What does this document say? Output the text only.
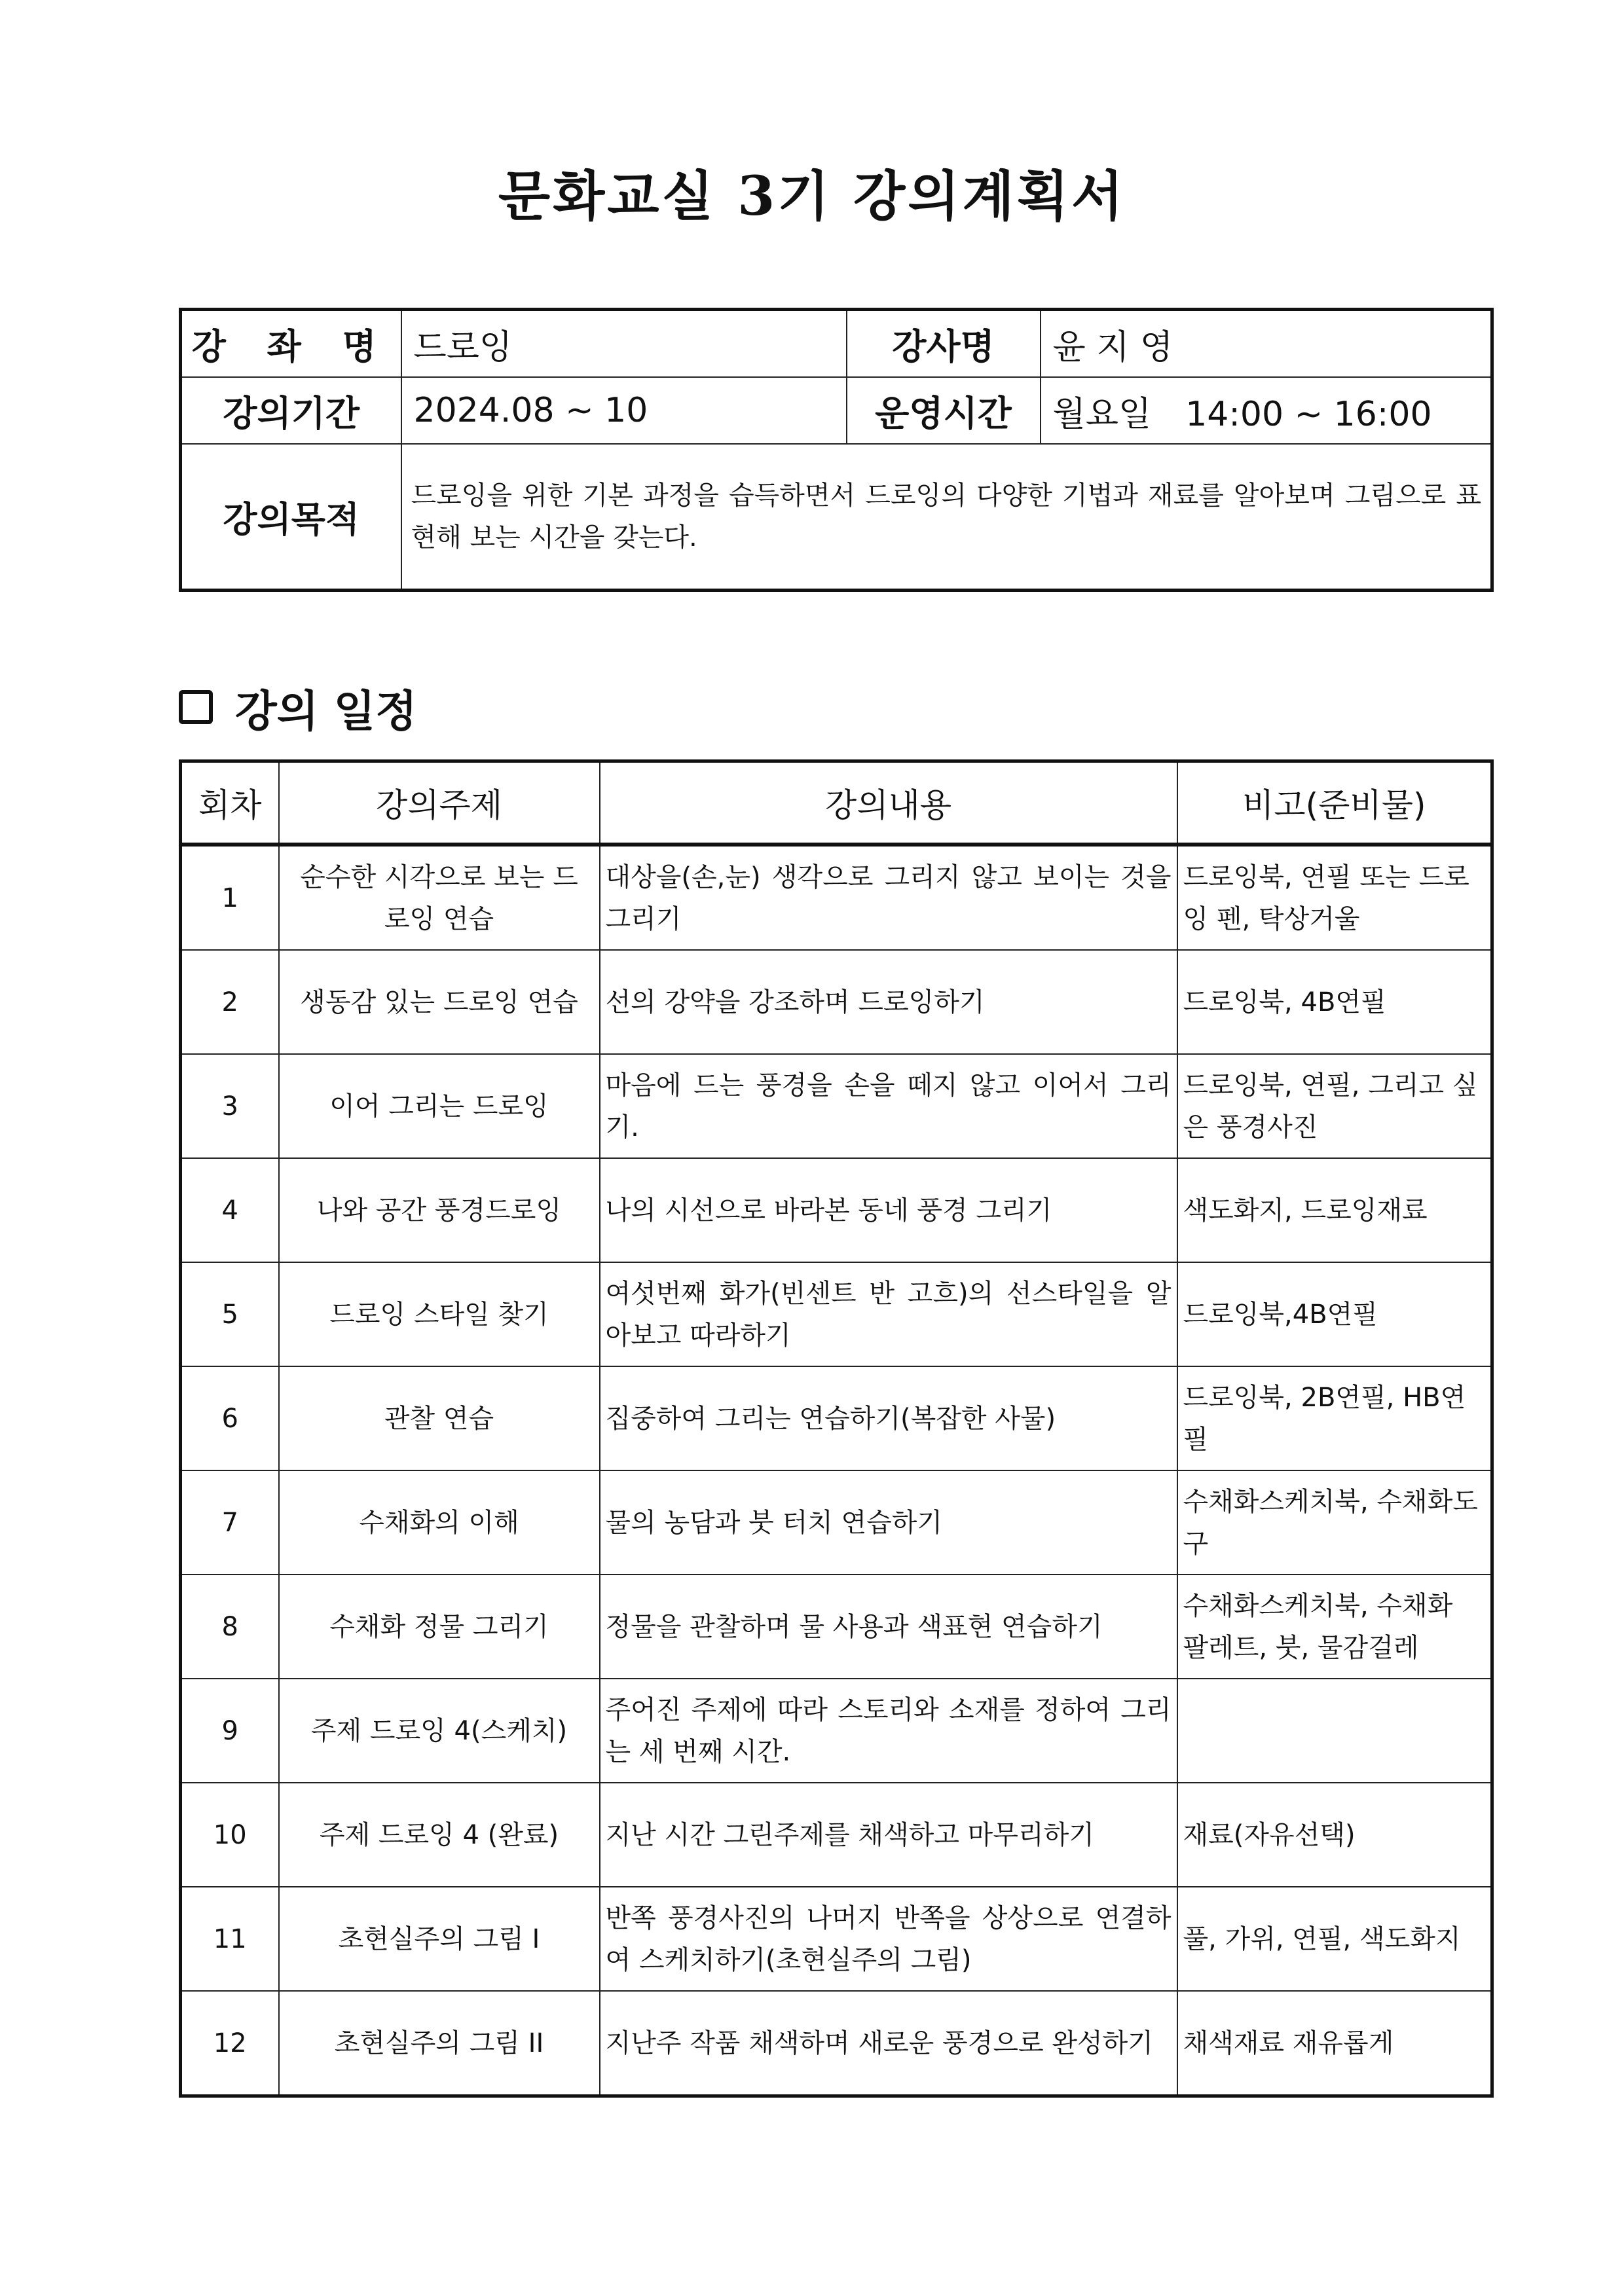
문화교실 3기 강의계획서
강 좌 명	드로잉	강사명	윤 지 영
강의기간	2024.08 ~ 10	운영시간	월요일　14:00 ~ 16:00
강의목적	드로잉을 위한 기본 과정을 습득하면서 드로잉의 다양한 기법과 재료를 알아보며 그림으로 표현해 보는 시간을 갖는다.		
강의 일정
회차	강의주제	강의내용	비고(준비물)
1	순수한 시각으로 보는 드로잉 연습	대상을(손,눈) 생각으로 그리지 않고 보이는 것을 그리기	드로잉북, 연필 또는 드로잉 펜, 탁상거울
2	생동감 있는 드로잉 연습	선의 강약을 강조하며 드로잉하기	드로잉북, 4B연필
3	이어 그리는 드로잉	마음에 드는 풍경을 손을 떼지 않고 이어서 그리기.	드로잉북, 연필, 그리고 싶은 풍경사진
4	나와 공간 풍경드로잉	나의 시선으로 바라본 동네 풍경 그리기	색도화지, 드로잉재료
5	드로잉 스타일 찾기	여섯번째 화가(빈센트 반 고흐)의 선스타일을 알아보고 따라하기	드로잉북,4B연필
6	관찰 연습	집중하여 그리는 연습하기(복잡한 사물)	드로잉북, 2B연필, HB연필
7	수채화의 이해	물의 농담과 붓 터치 연습하기	수채화스케치북, 수채화도구
8	수채화 정물 그리기	정물을 관찰하며 물 사용과 색표현 연습하기	수채화스케치북, 수채화 팔레트, 붓, 물감걸레
9	주제 드로잉 4(스케치)	주어진 주제에 따라 스토리와 소재를 정하여 그리는 세 번째 시간.	
10	주제 드로잉 4 (완료)	지난 시간 그린주제를 채색하고 마무리하기	재료(자유선택)
11	초현실주의 그림 I	반쪽 풍경사진의 나머지 반쪽을 상상으로 연결하여 스케치하기(초현실주의 그림)	풀, 가위, 연필, 색도화지
12	초현실주의 그림 II	지난주 작품 채색하며 새로운 풍경으로 완성하기	채색재료 재유롭게
